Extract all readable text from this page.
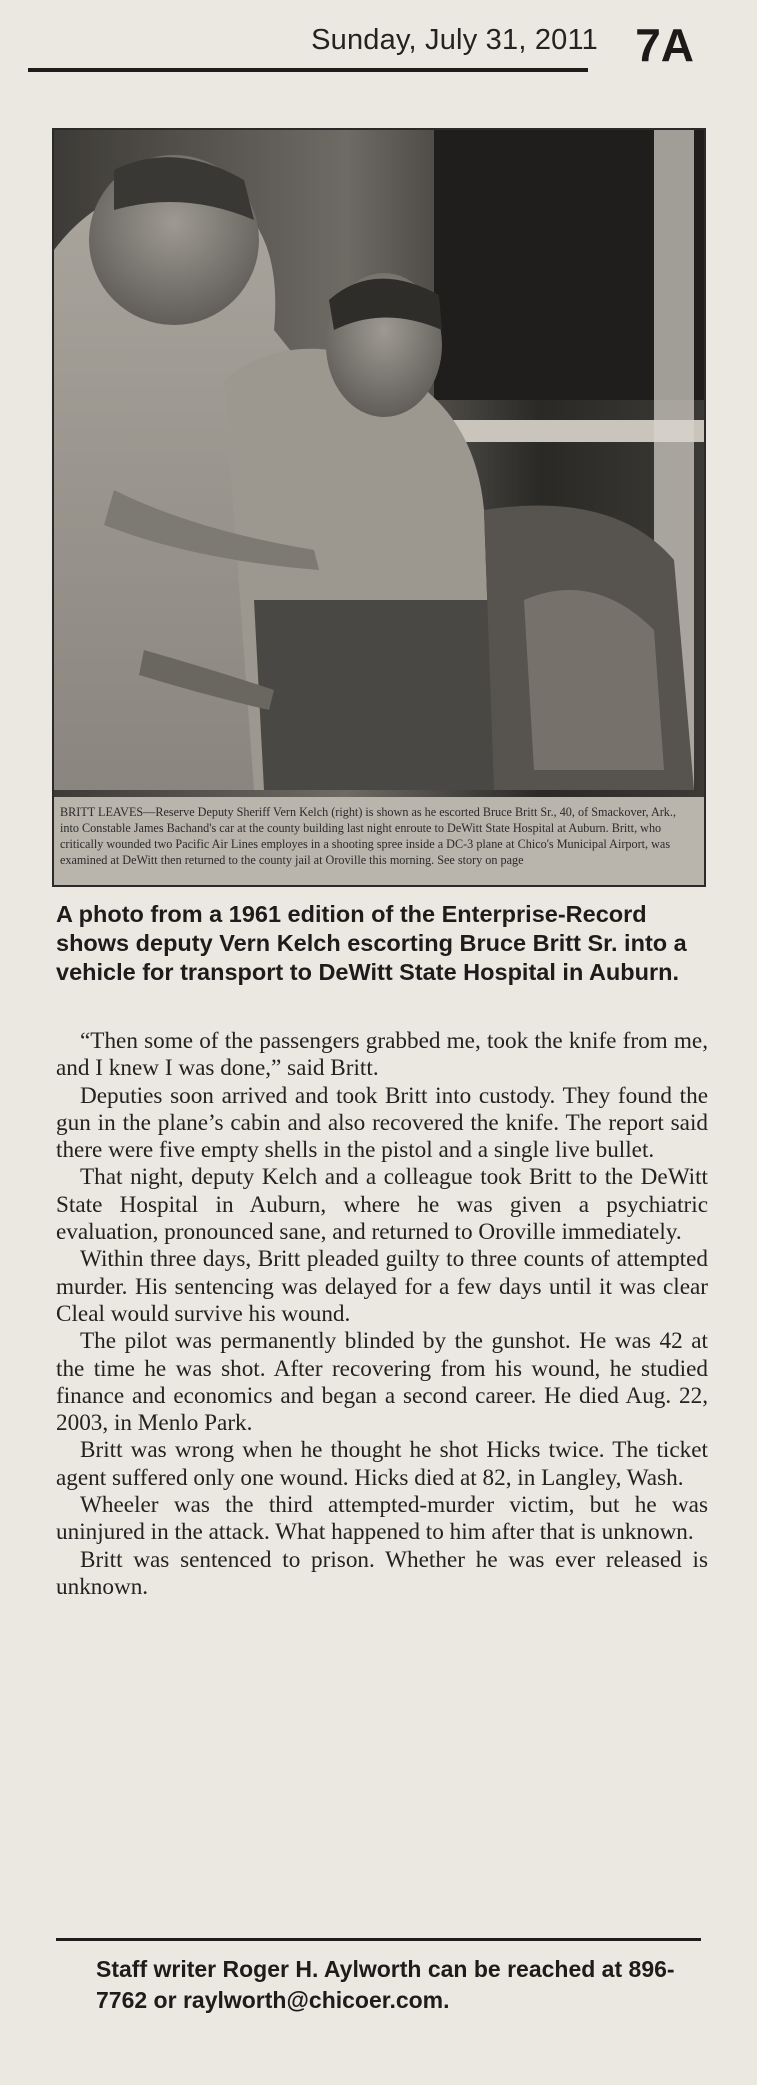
Sunday, July 31, 2011 7A
BRITT LEAVES—Reserve Deputy Sheriff Vern Kelch (right) is shown as he escorted Bruce Britt Sr., 40, of Smackover, Ark., into Constable James Bachand's car at the county building last night enroute to DeWitt State Hospital at Auburn. Britt, who critically wounded two Pacific Air Lines employes in a shooting spree inside a DC-3 plane at Chico's Municipal Airport, was examined at DeWitt then returned to the county jail at Oroville this morning. See story on page
A photo from a 1961 edition of the Enterprise-Record shows deputy Vern Kelch escorting Bruce Britt Sr. into a vehicle for transport to DeWitt State Hospital in Auburn.

“Then some of the passengers grabbed me, took the knife from me, and I knew I was done,” said Britt.

Deputies soon arrived and took Britt into custody. They found the gun in the plane’s cabin and also recovered the knife. The report said there were five empty shells in the pistol and a single live bullet.

That night, deputy Kelch and a colleague took Britt to the DeWitt State Hospital in Auburn, where he was given a psychiatric evaluation, pronounced sane, and returned to Oroville immediately.

Within three days, Britt pleaded guilty to three counts of attempted murder. His sentencing was delayed for a few days until it was clear Cleal would survive his wound.

The pilot was permanently blinded by the gunshot. He was 42 at the time he was shot. After recovering from his wound, he studied finance and economics and began a second career. He died Aug. 22, 2003, in Menlo Park.

Britt was wrong when he thought he shot Hicks twice. The ticket agent suffered only one wound. Hicks died at 82, in Langley, Wash.

Wheeler was the third attempted-murder victim, but he was uninjured in the attack. What happened to him after that is unknown.

Britt was sentenced to prison. Whether he was ever released is unknown.

Staff writer Roger H. Aylworth can be reached at 896-7762 or raylworth@chicoer.com.
